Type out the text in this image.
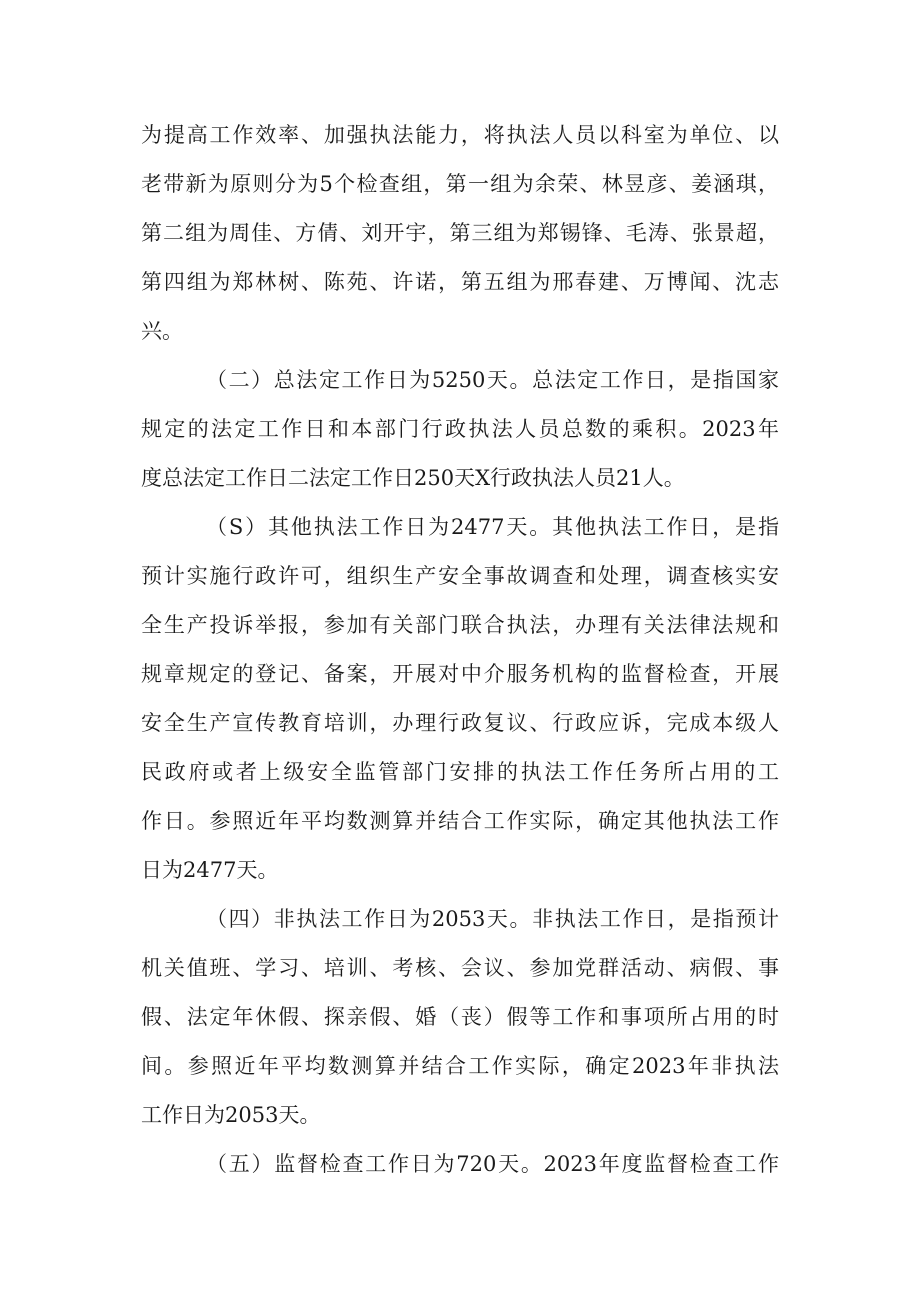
为提高工作效率、加强执法能力，将执法人员以科室为单位、以
老带新为原则分为5个检查组，第一组为余荣、林昱彦、姜涵琪，
第二组为周佳、方倩、刘开宇，第三组为郑锡锋、毛涛、张景超，
第四组为郑林树、陈苑、许诺，第五组为邢春建、万博闻、沈志
兴。
（二）总法定工作日为5250天。总法定工作日，是指国家
规定的法定工作日和本部门行政执法人员总数的乘积。2023年
度总法定工作日二法定工作日250天X行政执法人员21人。
（S）其他执法工作日为2477天。其他执法工作日，是指
预计实施行政许可，组织生产安全事故调查和处理，调查核实安
全生产投诉举报，参加有关部门联合执法，办理有关法律法规和
规章规定的登记、备案，开展对中介服务机构的监督检查，开展
安全生产宣传教育培训，办理行政复议、行政应诉，完成本级人
民政府或者上级安全监管部门安排的执法工作任务所占用的工
作日。参照近年平均数测算并结合工作实际，确定其他执法工作
日为2477天。
（四）非执法工作日为2053天。非执法工作日，是指预计
机关值班、学习、培训、考核、会议、参加党群活动、病假、事
假、法定年休假、探亲假、婚（丧）假等工作和事项所占用的时
间。参照近年平均数测算并结合工作实际，确定2023年非执法
工作日为2053天。
（五）监督检查工作日为720天。2023年度监督检查工作
